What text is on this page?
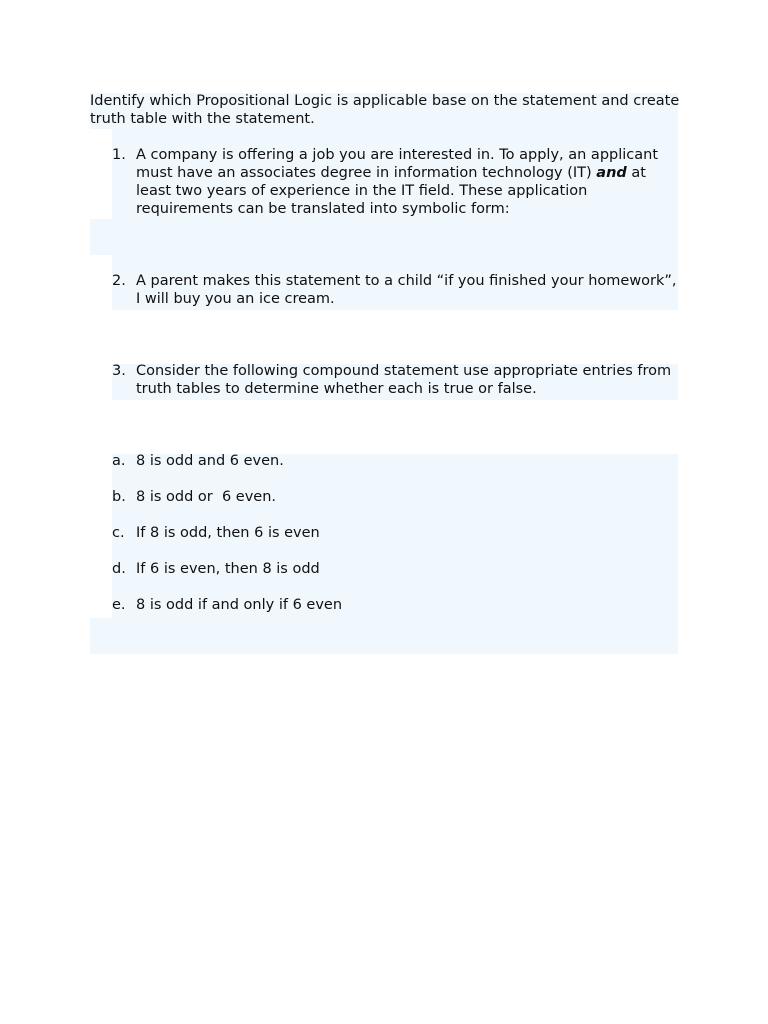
Identify which Propositional Logic is applicable base on the statement and create truth table with the statement.
1. A company is offering a job you are interested in. To apply, an applicant must have an associates degree in information technology (IT) and at least two years of experience in the IT field. These application requirements can be translated into symbolic form:
2. A parent makes this statement to a child “if you finished your homework”, I will buy you an ice cream.
3. Consider the following compound statement use appropriate entries from truth tables to determine whether each is true or false.
a. 8 is odd and 6 even.
b. 8 is odd or  6 even.
c. If 8 is odd, then 6 is even
d. If 6 is even, then 8 is odd
e. 8 is odd if and only if 6 even
